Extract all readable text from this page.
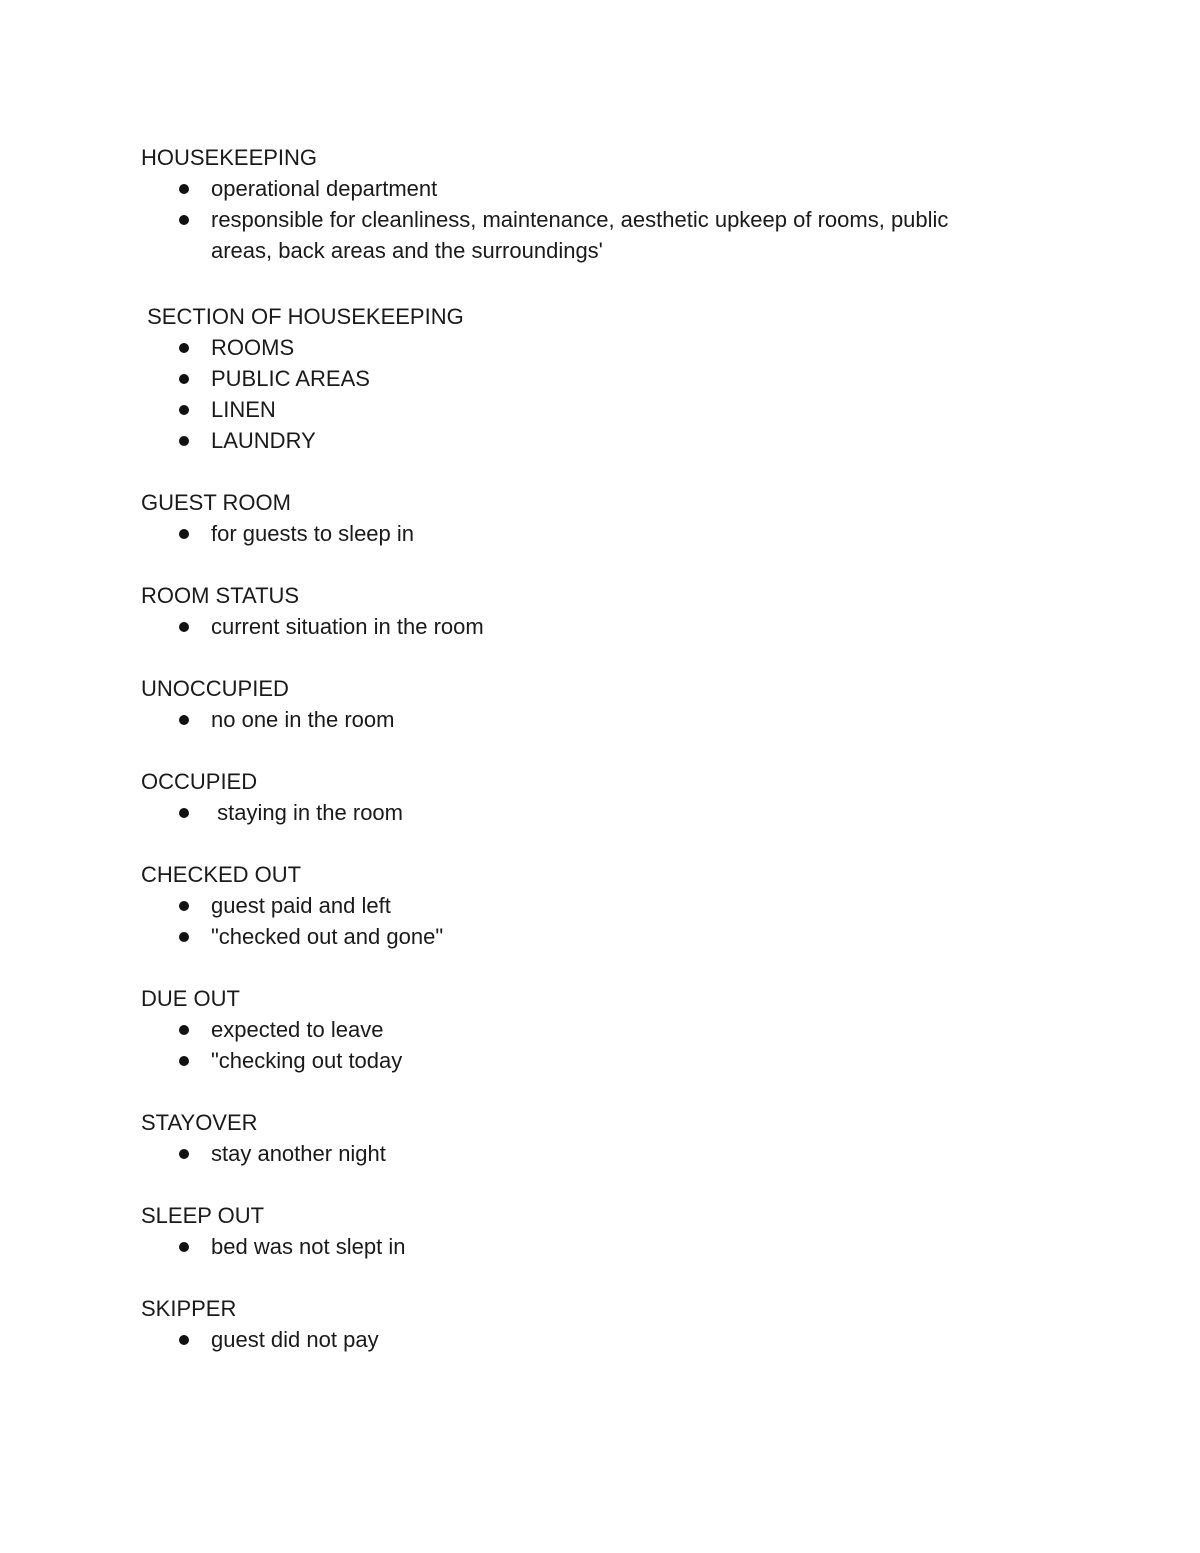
HOUSEKEEPING

operational department
responsible for cleanliness, maintenance, aesthetic upkeep of rooms, public areas, back areas and the surroundings'

SECTION OF HOUSEKEEPING

ROOMS
PUBLIC AREAS
LINEN
LAUNDRY

GUEST ROOM

for guests to sleep in

ROOM STATUS

current situation in the room

UNOCCUPIED

no one in the room

OCCUPIED

staying in the room

CHECKED OUT

guest paid and left
"checked out and gone"

DUE OUT

expected to leave
"checking out today

STAYOVER

stay another night

SLEEP OUT

bed was not slept in

SKIPPER

guest did not pay
